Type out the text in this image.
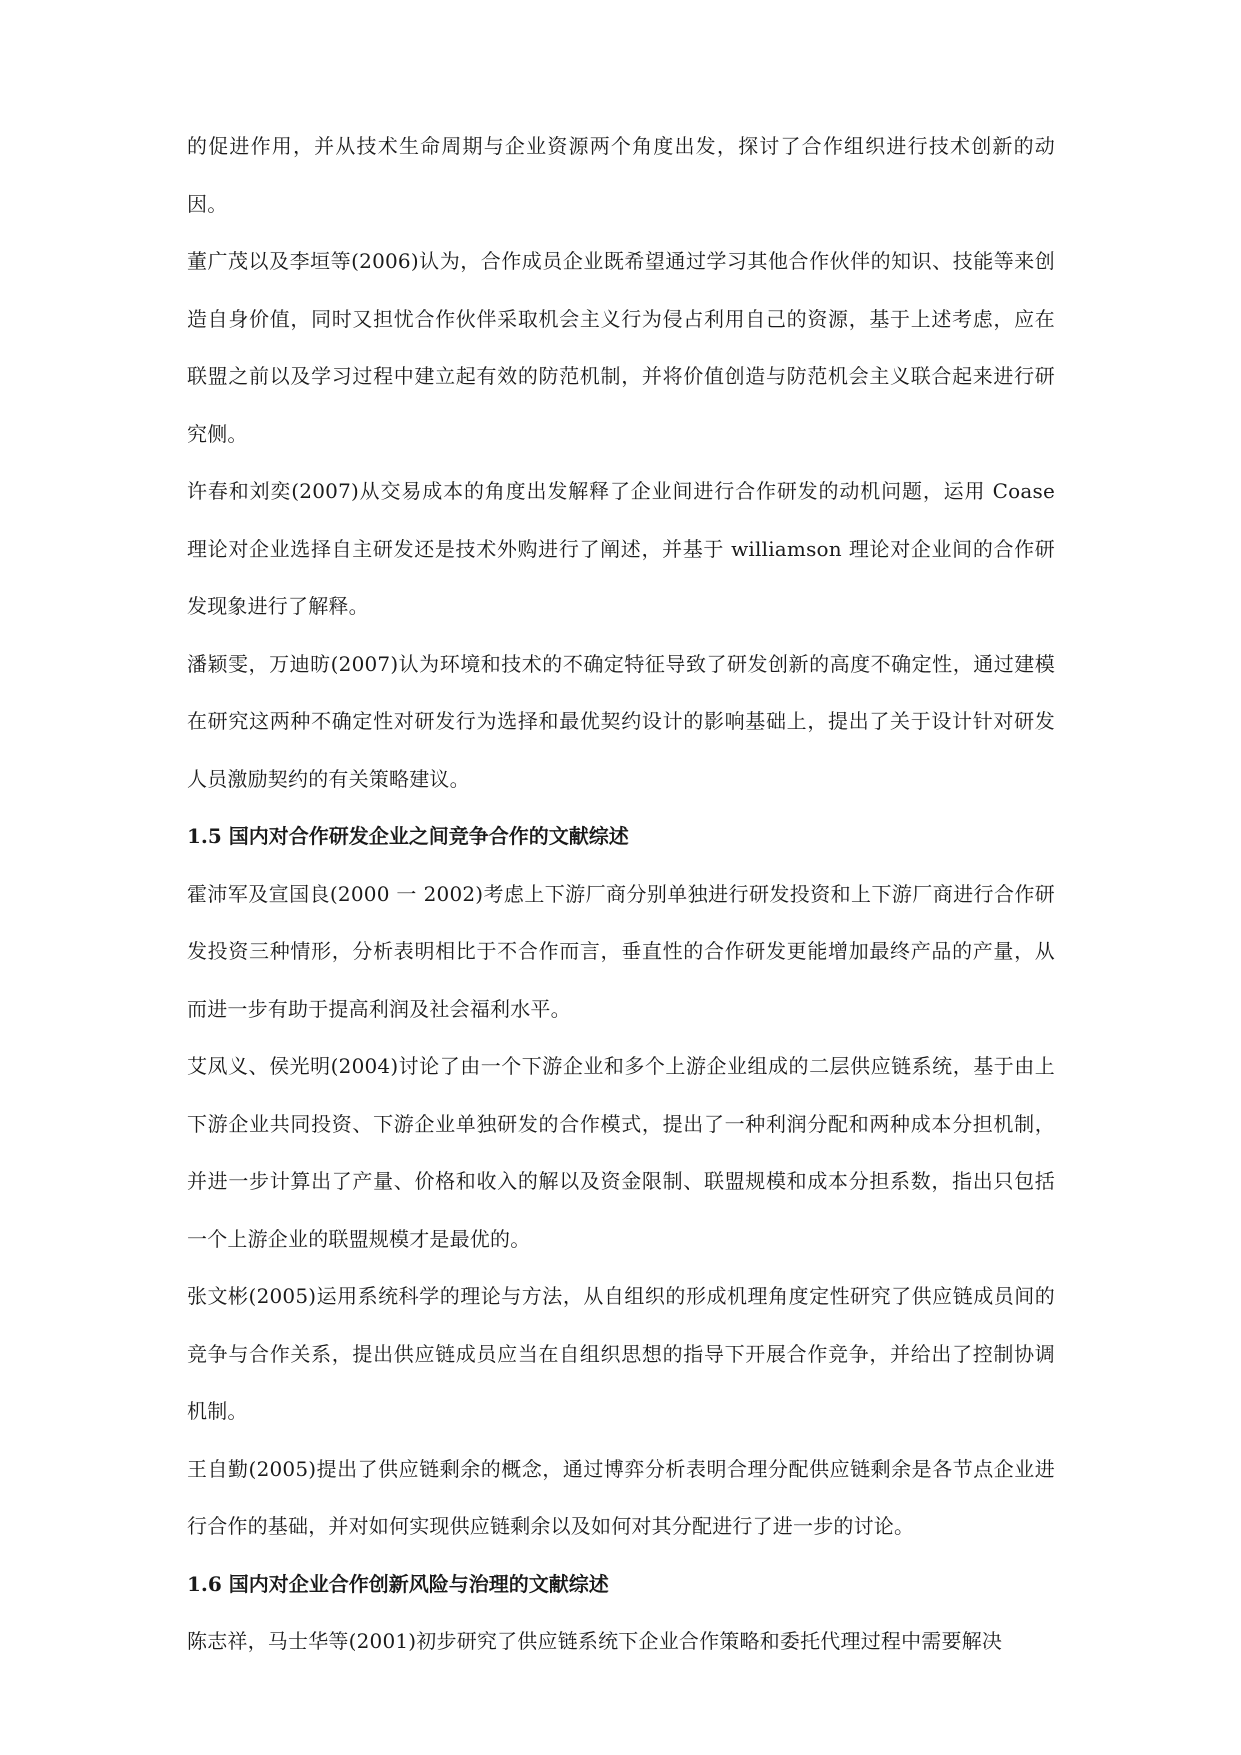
的促进作用，并从技术生命周期与企业资源两个角度出发，探讨了合作组织进行技术创新的动因。

董广茂以及李垣等(2006)认为，合作成员企业既希望通过学习其他合作伙伴的知识、技能等来创造自身价值，同时又担忧合作伙伴采取机会主义行为侵占利用自己的资源，基于上述考虑，应在联盟之前以及学习过程中建立起有效的防范机制，并将价值创造与防范机会主义联合起来进行研究侧。

许春和刘奕(2007)从交易成本的角度出发解释了企业间进行合作研发的动机问题，运用 Coase 理论对企业选择自主研发还是技术外购进行了阐述，并基于 williamson 理论对企业间的合作研发现象进行了解释。

潘颖雯，万迪昉(2007)认为环境和技术的不确定特征导致了研发创新的高度不确定性，通过建模在研究这两种不确定性对研发行为选择和最优契约设计的影响基础上，提出了关于设计针对研发人员激励契约的有关策略建议。

1.5 国内对合作研发企业之间竞争合作的文献综述

霍沛军及宣国良(2000 一 2002)考虑上下游厂商分别单独进行研发投资和上下游厂商进行合作研发投资三种情形，分析表明相比于不合作而言，垂直性的合作研发更能增加最终产品的产量，从而进一步有助于提高利润及社会福利水平。

艾凤义、侯光明(2004)讨论了由一个下游企业和多个上游企业组成的二层供应链系统，基于由上下游企业共同投资、下游企业单独研发的合作模式，提出了一种利润分配和两种成本分担机制，并进一步计算出了产量、价格和收入的解以及资金限制、联盟规模和成本分担系数，指出只包括一个上游企业的联盟规模才是最优的。

张文彬(2005)运用系统科学的理论与方法，从自组织的形成机理角度定性研究了供应链成员间的竞争与合作关系，提出供应链成员应当在自组织思想的指导下开展合作竞争，并给出了控制协调机制。

王自勤(2005)提出了供应链剩余的概念，通过博弈分析表明合理分配供应链剩余是各节点企业进行合作的基础，并对如何实现供应链剩余以及如何对其分配进行了进一步的讨论。

1.6 国内对企业合作创新风险与治理的文献综述

陈志祥，马士华等(2001)初步研究了供应链系统下企业合作策略和委托代理过程中需要解决
